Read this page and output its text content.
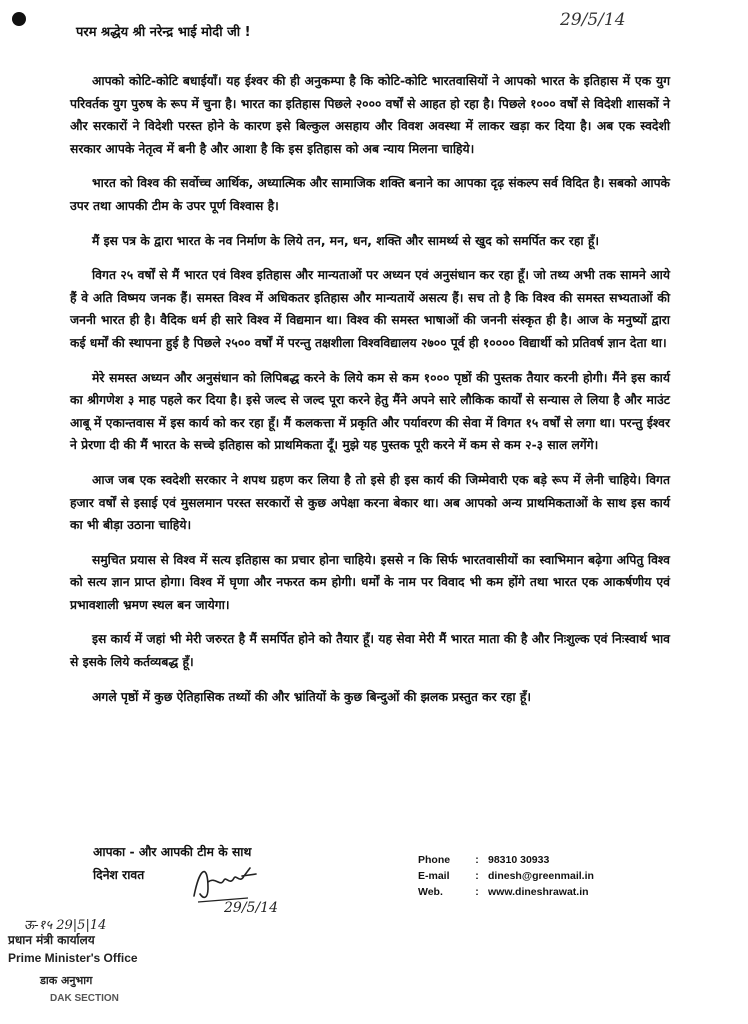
29/5/14
परम श्रद्धेय श्री नरेन्द्र भाई मोदी जी !

आपको कोटि-कोटि बधाईयाँ। यह ईश्वर की ही अनुकम्पा है कि कोटि-कोटि भारतवासियों ने आपको भारत के इतिहास में एक युग परिवर्तक युग पुरुष के रूप में चुना है। भारत का इतिहास पिछले २००० वर्षों से आहत हो रहा है। पिछले १००० वर्षों से विदेशी शासकों ने और सरकारों ने विदेशी परस्त होने के कारण इसे बिल्कुल असहाय और विवश अवस्था में लाकर खड़ा कर दिया है। अब एक स्वदेशी सरकार आपके नेतृत्व में बनी है और आशा है कि इस इतिहास को अब न्याय मिलना चाहिये।

भारत को विश्व की सर्वोच्च आर्थिक, अध्यात्मिक और सामाजिक शक्ति बनाने का आपका दृढ़ संकल्प सर्व विदित है। सबको आपके उपर तथा आपकी टीम के उपर पूर्ण विश्वास है।

मैं इस पत्र के द्वारा भारत के नव निर्माण के लिये तन, मन, धन, शक्ति और सामर्थ्य से खुद को समर्पित कर रहा हूँ।

विगत २५ वर्षों से मैं भारत एवं विश्व इतिहास और मान्यताओं पर अध्यन एवं अनुसंधान कर रहा हूँ। जो तथ्य अभी तक सामने आये हैं वे अति विष्मय जनक हैं। समस्त विश्व में अधिकतर इतिहास और मान्यतायें असत्य हैं। सच तो है कि विश्व की समस्त सभ्यताओं की जननी भारत ही है। वैदिक धर्म ही सारे विश्व में विद्यमान था। विश्व की समस्त भाषाओं की जननी संस्कृत ही है। आज के मनुष्यों द्वारा कई धर्मों की स्थापना हुई है पिछले २५०० वर्षों में परन्तु तक्षशीला विश्वविद्यालय २७०० पूर्व ही १०००० विद्यार्थी को प्रतिवर्ष ज्ञान देता था।

मेरे समस्त अध्यन और अनुसंधान को लिपिबद्ध करने के लिये कम से कम १००० पृष्ठों की पुस्तक तैयार करनी होगी। मैंने इस कार्य का श्रीगणेश ३ माह पहले कर दिया है। इसे जल्द से जल्द पूरा करने हेतु मैंने अपने सारे लौकिक कार्यों से सन्यास ले लिया है और माउंट आबू में एकान्तवास में इस कार्य को कर रहा हूँ। मैं कलकत्ता में प्रकृति और पर्यावरण की सेवा में विगत १५ वर्षों से लगा था। परन्तु ईश्वर ने प्रेरणा दी की मैं भारत के सच्चे इतिहास को प्राथमिकता दूँ। मुझे यह पुस्तक पूरी करने में कम से कम २-३ साल लगेंगे।

आज जब एक स्वदेशी सरकार ने शपथ ग्रहण कर लिया है तो इसे ही इस कार्य की जिम्मेवारी एक बड़े रूप में लेनी चाहिये। विगत हजार वर्षों से इसाई एवं मुसलमान परस्त सरकारों से कुछ अपेक्षा करना बेकार था। अब आपको अन्य प्राथमिकताओं के साथ इस कार्य का भी बीड़ा उठाना चाहिये।

समुचित प्रयास से विश्व में सत्य इतिहास का प्रचार होना चाहिये। इससे न कि सिर्फ भारतवासीयों का स्वाभिमान बढ़ेगा अपितु विश्व को सत्य ज्ञान प्राप्त होगा। विश्व में घृणा और नफरत कम होगी। धर्मों के नाम पर विवाद भी कम होंगे तथा भारत एक आकर्षणीय एवं प्रभावशाली भ्रमण स्थल बन जायेगा।

इस कार्य में जहां भी मेरी जरुरत है मैं समर्पित होने को तैयार हूँ। यह सेवा मेरी मैं भारत माता की है और निःशुल्क एवं निःस्वार्थ भाव से इसके लिये कर्तव्यबद्ध हूँ।

अगले पृष्ठों में कुछ ऐतिहासिक तथ्यों की और भ्रांतियों के कुछ बिन्दुओं की झलक प्रस्तुत कर रहा हूँ।

आपका - और आपकी टीम के साथ
दिनेश रावत
Phone	: 98310 30933
E-mail	: dinesh@greenmail.in
Web.	: www.dineshrawat.in
29/5/14
ऊ-१५ 29|5|14
प्रधान मंत्री कार्यालय
Prime Minister's Office
डाक अनुभाग
DAK SECTION
